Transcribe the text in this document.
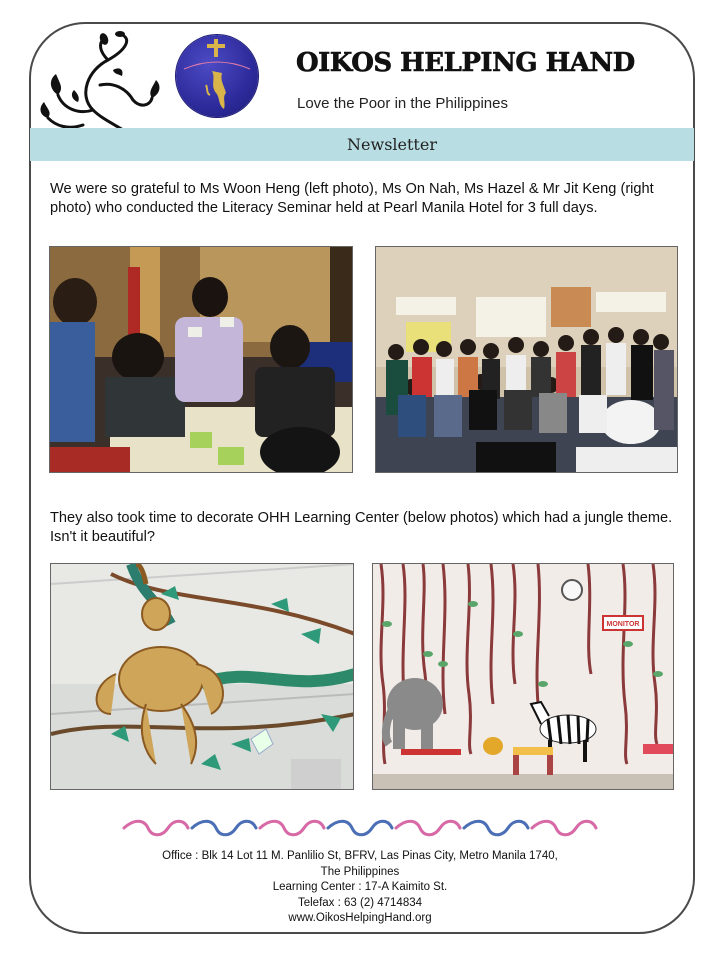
OIKOS HELPING HAND
Love the Poor in the Philippines
Newsletter
We were so grateful to Ms Woon Heng (left photo), Ms On Nah, Ms Hazel & Mr Jit Keng (right photo) who conducted the Literacy Seminar held at Pearl Manila Hotel for 3 full days.
They also took time to decorate OHH Learning Center (below photos) which had a jungle theme. Isn't it beautiful?
MONITOR
Office : Blk 14 Lot 11 M. Panlilio St, BFRV, Las Pinas City, Metro Manila 1740,
The Philippines
Learning Center : 17-A Kaimito St.
Telefax : 63 (2) 4714834
www.OikosHelpingHand.org
